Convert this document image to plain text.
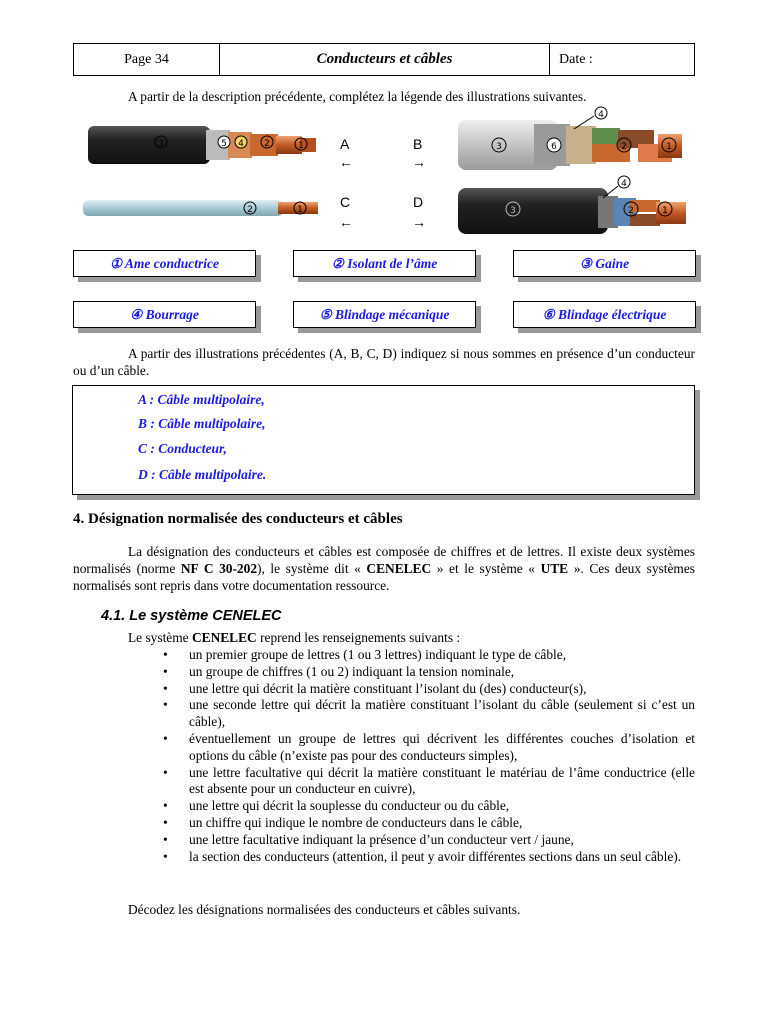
Page 34	Conducteurs et câbles	Date :
A partir de la description précédente, complétez la légende des illustrations suivantes.
3	5 4 2	1	3	6	2	1
4
2	1	3	2	1
4
A
←
B
→
C
←
D
→
① Ame conductrice	② Isolant de l’âme	③ Gaine
④ Bourrage	⑤ Blindage mécanique	⑥ Blindage électrique
A partir des illustrations précédentes (A, B, C, D) indiquez si nous sommes en présence d’un conducteur ou d’un câble.
A : Câble multipolaire,
B : Câble multipolaire,
C : Conducteur,
D : Câble multipolaire.
4. Désignation normalisée des conducteurs et câbles
La désignation des conducteurs et câbles est composée de chiffres et de lettres. Il existe deux systèmes normalisés (norme NF C 30-202), le système dit « CENELEC » et le système « UTE ». Ces deux systèmes normalisés sont repris dans votre documentation ressource.
4.1. Le système CENELEC
Le système CENELEC reprend les renseignements suivants :
• un premier groupe de lettres (1 ou 3 lettres) indiquant le type de câble,
• un groupe de chiffres (1 ou 2) indiquant la tension nominale,
• une lettre qui décrit la matière constituant l’isolant du (des) conducteur(s),
• une seconde lettre qui décrit la matière constituant l’isolant du câble (seulement si c’est un câble),
• éventuellement un groupe de lettres qui décrivent les différentes couches d’isolation et options du câble (n’existe pas pour des conducteurs simples),
• une lettre facultative qui décrit la matière constituant le matériau de l’âme conductrice (elle est absente pour un conducteur en cuivre),
• une lettre qui décrit la souplesse du conducteur ou du câble,
• un chiffre qui indique le nombre de conducteurs dans le câble,
• une lettre facultative indiquant la présence d’un conducteur vert / jaune,
• la section des conducteurs (attention, il peut y avoir différentes sections dans un seul câble).
Décodez les désignations normalisées des conducteurs et câbles suivants.
